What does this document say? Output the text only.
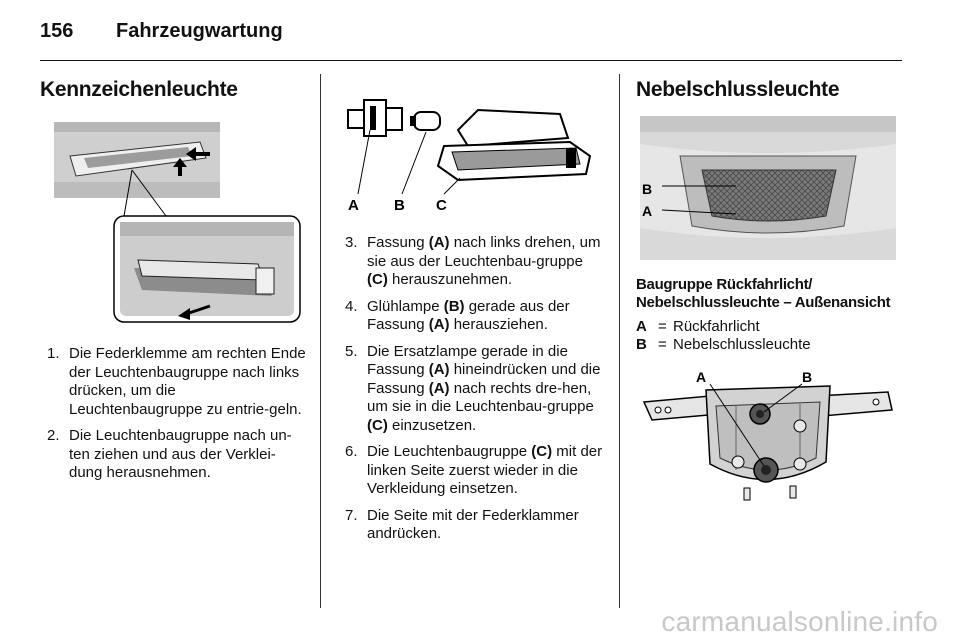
156 Fahrzeugwartung
Kennzeichenleuchte
1. Die Federklemme am rechten Ende der Leuchtenbaugruppe nach links drücken, um die Leuchtenbaugruppe zu entrie-geln.
2. Die Leuchtenbaugruppe nach un-ten ziehen und aus der Verklei-dung herausnehmen.
A B C
3. Fassung (A) nach links drehen, um sie aus der Leuchtenbau-gruppe (C) herauszunehmen.
4. Glühlampe (B) gerade aus der Fassung (A) herausziehen.
5. Die Ersatzlampe gerade in die Fassung (A) hineindrücken und die Fassung (A) nach rechts dre-hen, um sie in die Leuchtenbau-gruppe (C) einzusetzen.
6. Die Leuchtenbaugruppe (C) mit der linken Seite zuerst wieder in die Verkleidung einsetzen.
7. Die Seite mit der Federklammer andrücken.
Nebelschlussleuchte
B
A
Baugruppe Rückfahrlicht/ Nebelschlussleuchte – Außenansicht
A = Rückfahrlicht
B = Nebelschlussleuchte
A	B
carmanualsonline.info
